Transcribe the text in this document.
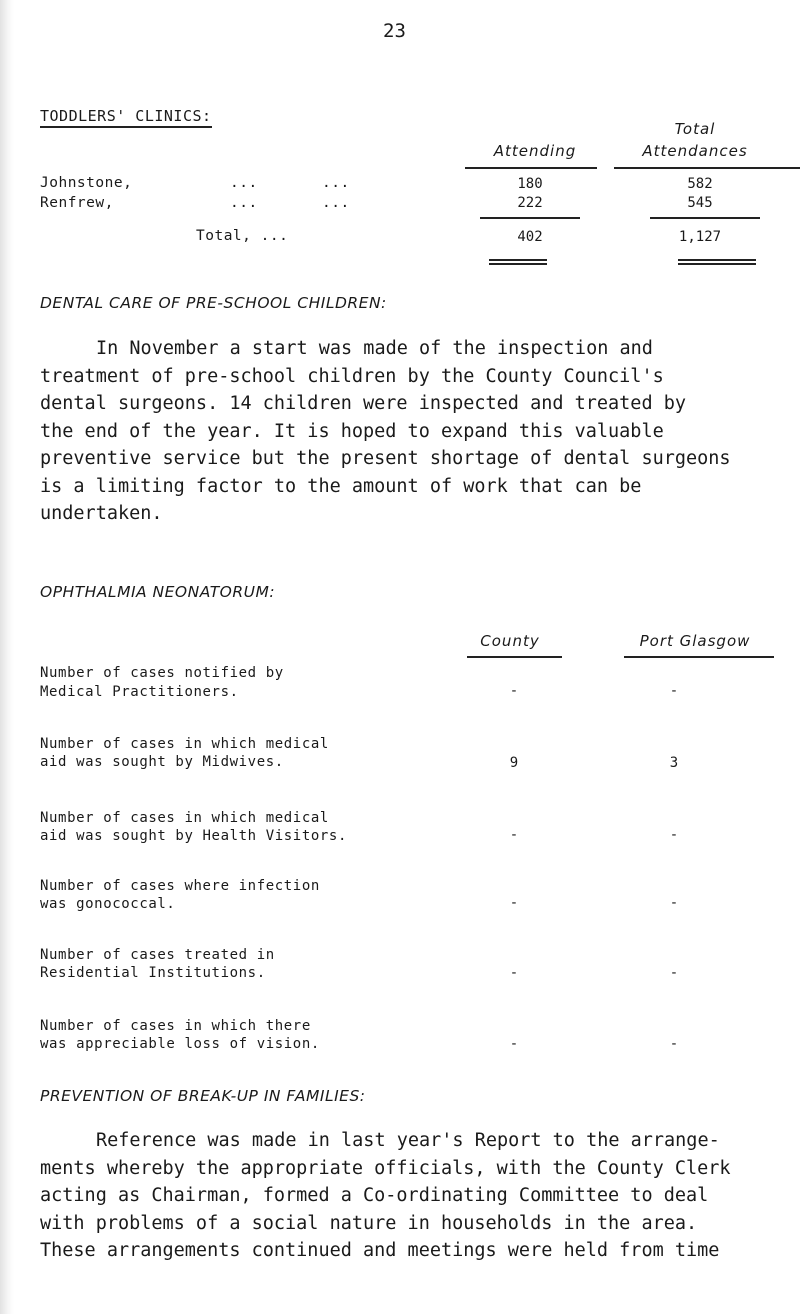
23
TODDLERS' CLINICS:
Attending
Total
Attendances
Johnstone,	...	...	180	582
Renfrew,	...	...	222	545
Total, ...	402	1,127
DENTAL CARE OF PRE-SCHOOL CHILDREN:
In November a start was made of the inspection and
treatment of pre-school children by the County Council's
dental surgeons. 14 children were inspected and treated by
the end of the year. It is hoped to expand this valuable
preventive service but the present shortage of dental surgeons
is a limiting factor to the amount of work that can be
undertaken.
OPHTHALMIA NEONATORUM:
County	Port Glasgow
Number of cases notified by
Medical Practitioners.	-	-
Number of cases in which medical
aid was sought by Midwives.	9	3
Number of cases in which medical
aid was sought by Health Visitors.	-	-
Number of cases where infection
was gonococcal.	-	-
Number of cases treated in
Residential Institutions.	-	-
Number of cases in which there
was appreciable loss of vision.	-	-
PREVENTION OF BREAK-UP IN FAMILIES:
Reference was made in last year's Report to the arrange-
ments whereby the appropriate officials, with the County Clerk
acting as Chairman, formed a Co-ordinating Committee to deal
with problems of a social nature in households in the area.
These arrangements continued and meetings were held from time
